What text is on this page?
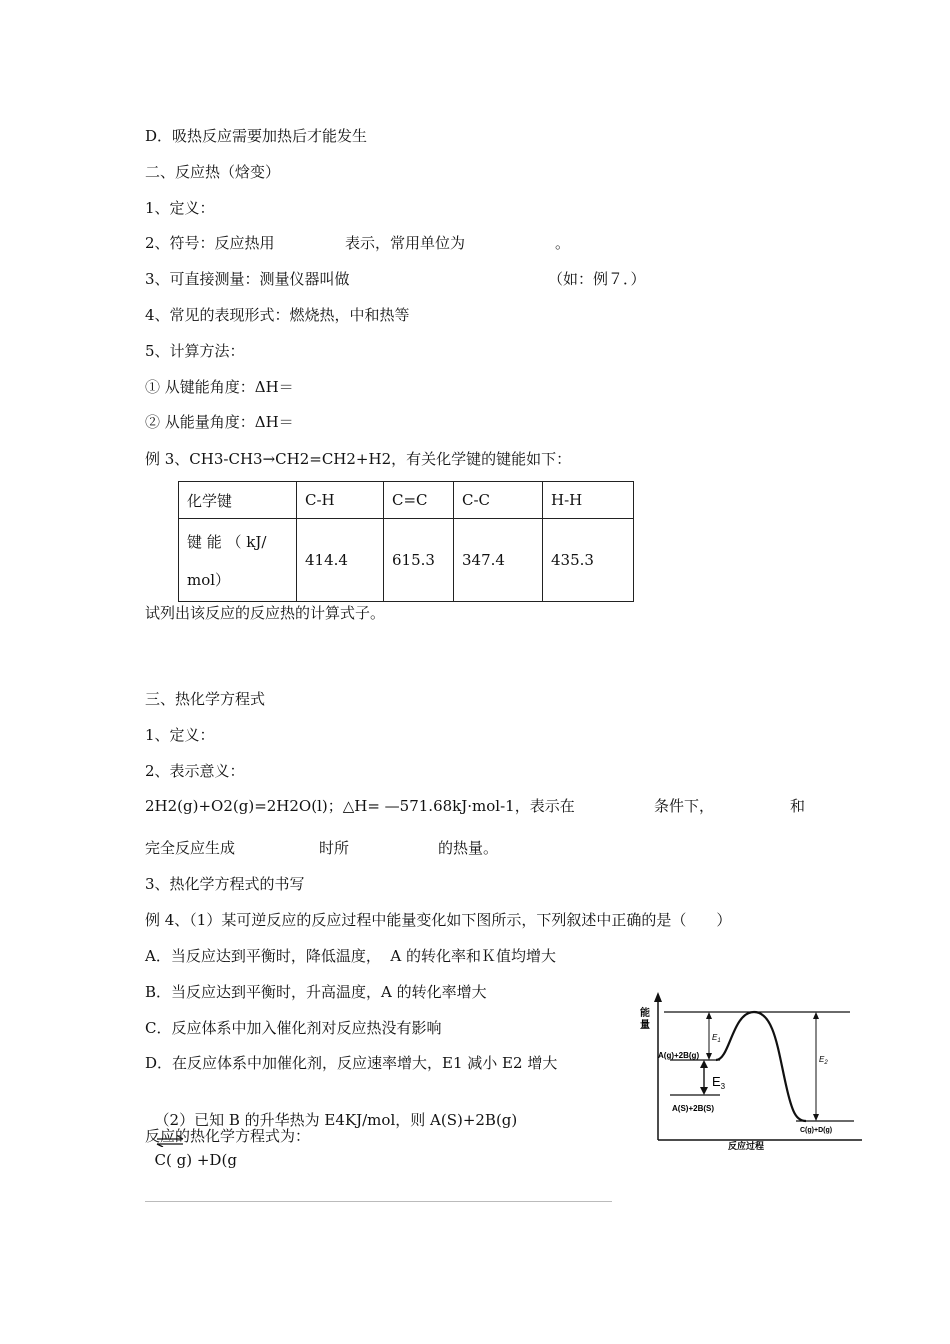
D．吸热反应需要加热后才能发生
二、反应热（焓变）
1、定义：
2、符号：反应热用	表示，常用单位为	。
3、可直接测量：测量仪器叫做	（如：例７．）
4、常见的表现形式：燃烧热，中和热等
5、计算方法：
① 从键能角度：ΔH＝
② 从能量角度：ΔH＝
例 3、CH3-CH3→CH2=CH2+H2，有关化学键的键能如下：
化学键	C-H	C=C	C-C	H-H

键 能 （ kJ/
mol）	414.4	615.3	347.4	435.3
试列出该反应的反应热的计算式子。
三、热化学方程式
1、定义：
2、表示意义：
2H2(g)+O2(g)=2H2O(l)；△H= —571.68kJ·mol-1，表示在	条件下，	和
完全反应生成	时所	的热量。
3、热化学方程式的书写
例 4、（1）某可逆反应的反应过程中能量变化如下图所示，下列叙述中正确的是（　　）
A．当反应达到平衡时，降低温度，  A 的转化率和Ｋ值均增大
B．当反应达到平衡时，升高温度，A 的转化率增大
C．反应体系中加入催化剂对反应热没有影响
D．在反应体系中加催化剂，反应速率增大，E1 减小 E2 增大

（2）已知 B 的升华热为 E4KJ/mol，则 A(S)+2B(g)

C( g) +D(g

反应的热化学方程式为：
能
量
反应过程
A(g)+2B(g)
A(S)+2B(S)
C(g)+D(g)
$E_1$
$E_2$
$E_3$
